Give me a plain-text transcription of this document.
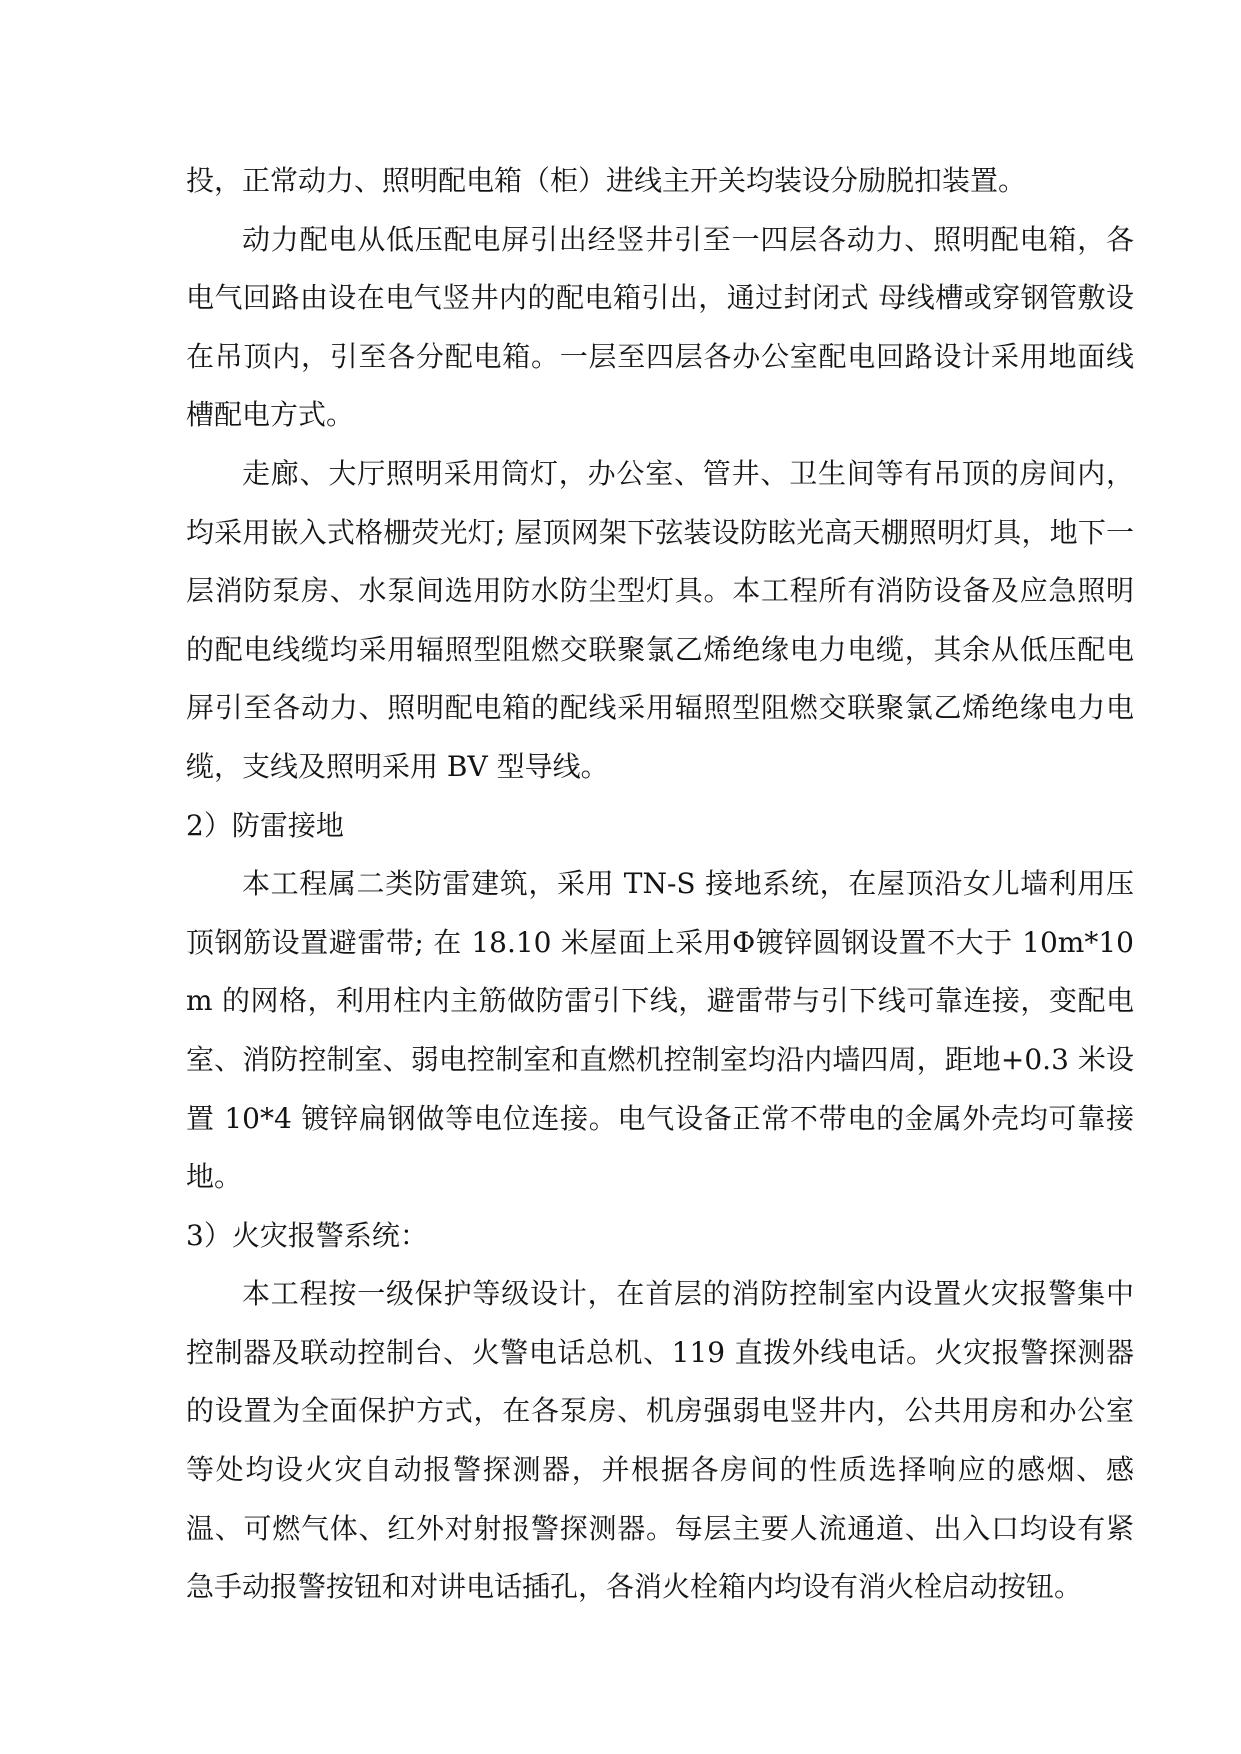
投，正常动力、照明配电箱（柜）进线主开关均装设分励脱扣装置。

动力配电从低压配电屏引出经竖井引至一四层各动力、照明配电箱，各电气回路由设在电气竖井内的配电箱引出，通过封闭式 母线槽或穿钢管敷设在吊顶内，引至各分配电箱。一层至四层各办公室配电回路设计采用地面线槽配电方式。

走廊、大厅照明采用筒灯，办公室、管井、卫生间等有吊顶的房间内，均采用嵌入式格栅荧光灯; 屋顶网架下弦装设防眩光高天棚照明灯具，地下一层消防泵房、水泵间选用防水防尘型灯具。本工程所有消防设备及应急照明的配电线缆均采用辐照型阻燃交联聚氯乙烯绝缘电力电缆，其余从低压配电屏引至各动力、照明配电箱的配线采用辐照型阻燃交联聚氯乙烯绝缘电力电缆，支线及照明采用 BV 型导线。

2）防雷接地

本工程属二类防雷建筑，采用 TN-S 接地系统，在屋顶沿女儿墙利用压顶钢筋设置避雷带; 在 18.10 米屋面上采用Φ镀锌圆钢设置不大于 10m*10m 的网格，利用柱内主筋做防雷引下线，避雷带与引下线可靠连接，变配电室、消防控制室、弱电控制室和直燃机控制室均沿内墙四周，距地+0.3 米设置 10*4 镀锌扁钢做等电位连接。电气设备正常不带电的金属外壳均可靠接地。

3）火灾报警系统：

本工程按一级保护等级设计，在首层的消防控制室内设置火灾报警集中控制器及联动控制台、火警电话总机、119 直拨外线电话。火灾报警探测器的设置为全面保护方式，在各泵房、机房强弱电竖井内，公共用房和办公室等处均设火灾自动报警探测器，并根据各房间的性质选择响应的感烟、感温、可燃气体、红外对射报警探测器。每层主要人流通道、出入口均设有紧急手动报警按钮和对讲电话插孔，各消火栓箱内均设有消火栓启动按钮。
